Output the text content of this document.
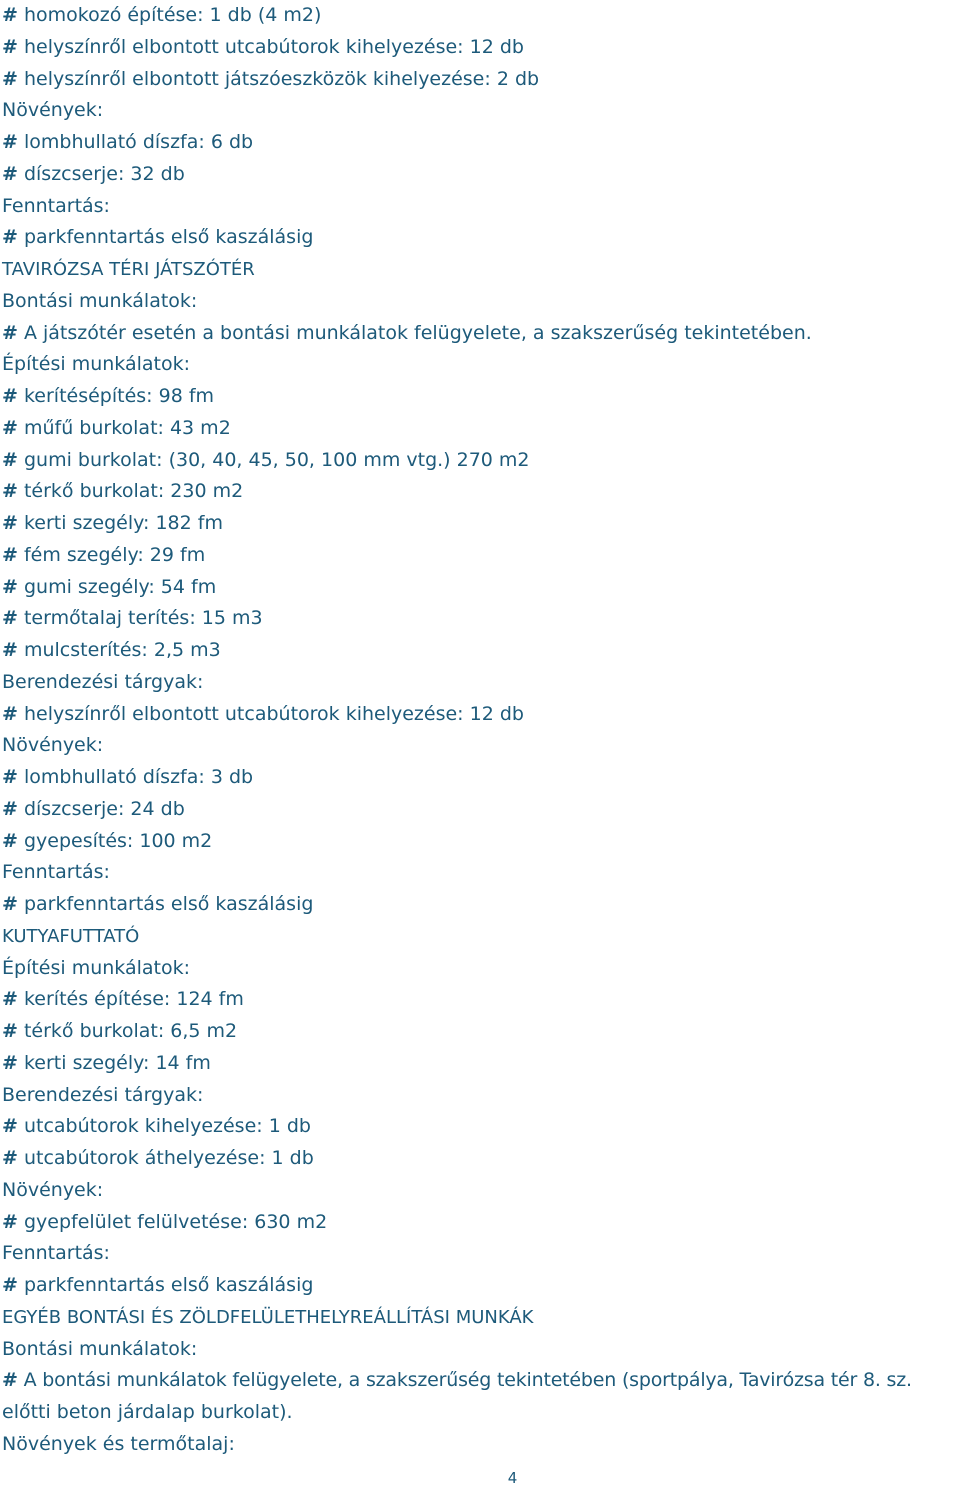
# homokozó építése: 1 db (4 m2)
# helyszínről elbontott utcabútorok kihelyezése: 12 db
# helyszínről elbontott játszóeszközök kihelyezése: 2 db
Növények:
# lombhullató díszfa: 6 db
# díszcserje: 32 db
Fenntartás:
# parkfenntartás első kaszálásig
TAVIRÓZSA TÉRI JÁTSZÓTÉR
Bontási munkálatok:
# A játszótér esetén a bontási munkálatok felügyelete, a szakszerűség tekintetében.
Építési munkálatok:
# kerítésépítés: 98 fm
# műfű burkolat: 43 m2
# gumi burkolat: (30, 40, 45, 50, 100 mm vtg.) 270 m2
# térkő burkolat: 230 m2
# kerti szegély: 182 fm
# fém szegély: 29 fm
# gumi szegély: 54 fm
# termőtalaj terítés: 15 m3
# mulcsterítés: 2,5 m3
Berendezési tárgyak:
# helyszínről elbontott utcabútorok kihelyezése: 12 db
Növények:
# lombhullató díszfa: 3 db
# díszcserje: 24 db
# gyepesítés: 100 m2
Fenntartás:
# parkfenntartás első kaszálásig
KUTYAFUTTATÓ
Építési munkálatok:
# kerítés építése: 124 fm
# térkő burkolat: 6,5 m2
# kerti szegély: 14 fm
Berendezési tárgyak:
# utcabútorok kihelyezése: 1 db
# utcabútorok áthelyezése: 1 db
Növények:
# gyepfelület felülvetése: 630 m2
Fenntartás:
# parkfenntartás első kaszálásig
EGYÉB BONTÁSI ÉS ZÖLDFELÜLETHELYREÁLLÍTÁSI MUNKÁK
Bontási munkálatok:
# A bontási munkálatok felügyelete, a szakszerűség tekintetében (sportpálya, Tavirózsa tér 8. sz.
előtti beton járdalap burkolat).
Növények és termőtalaj:
4
